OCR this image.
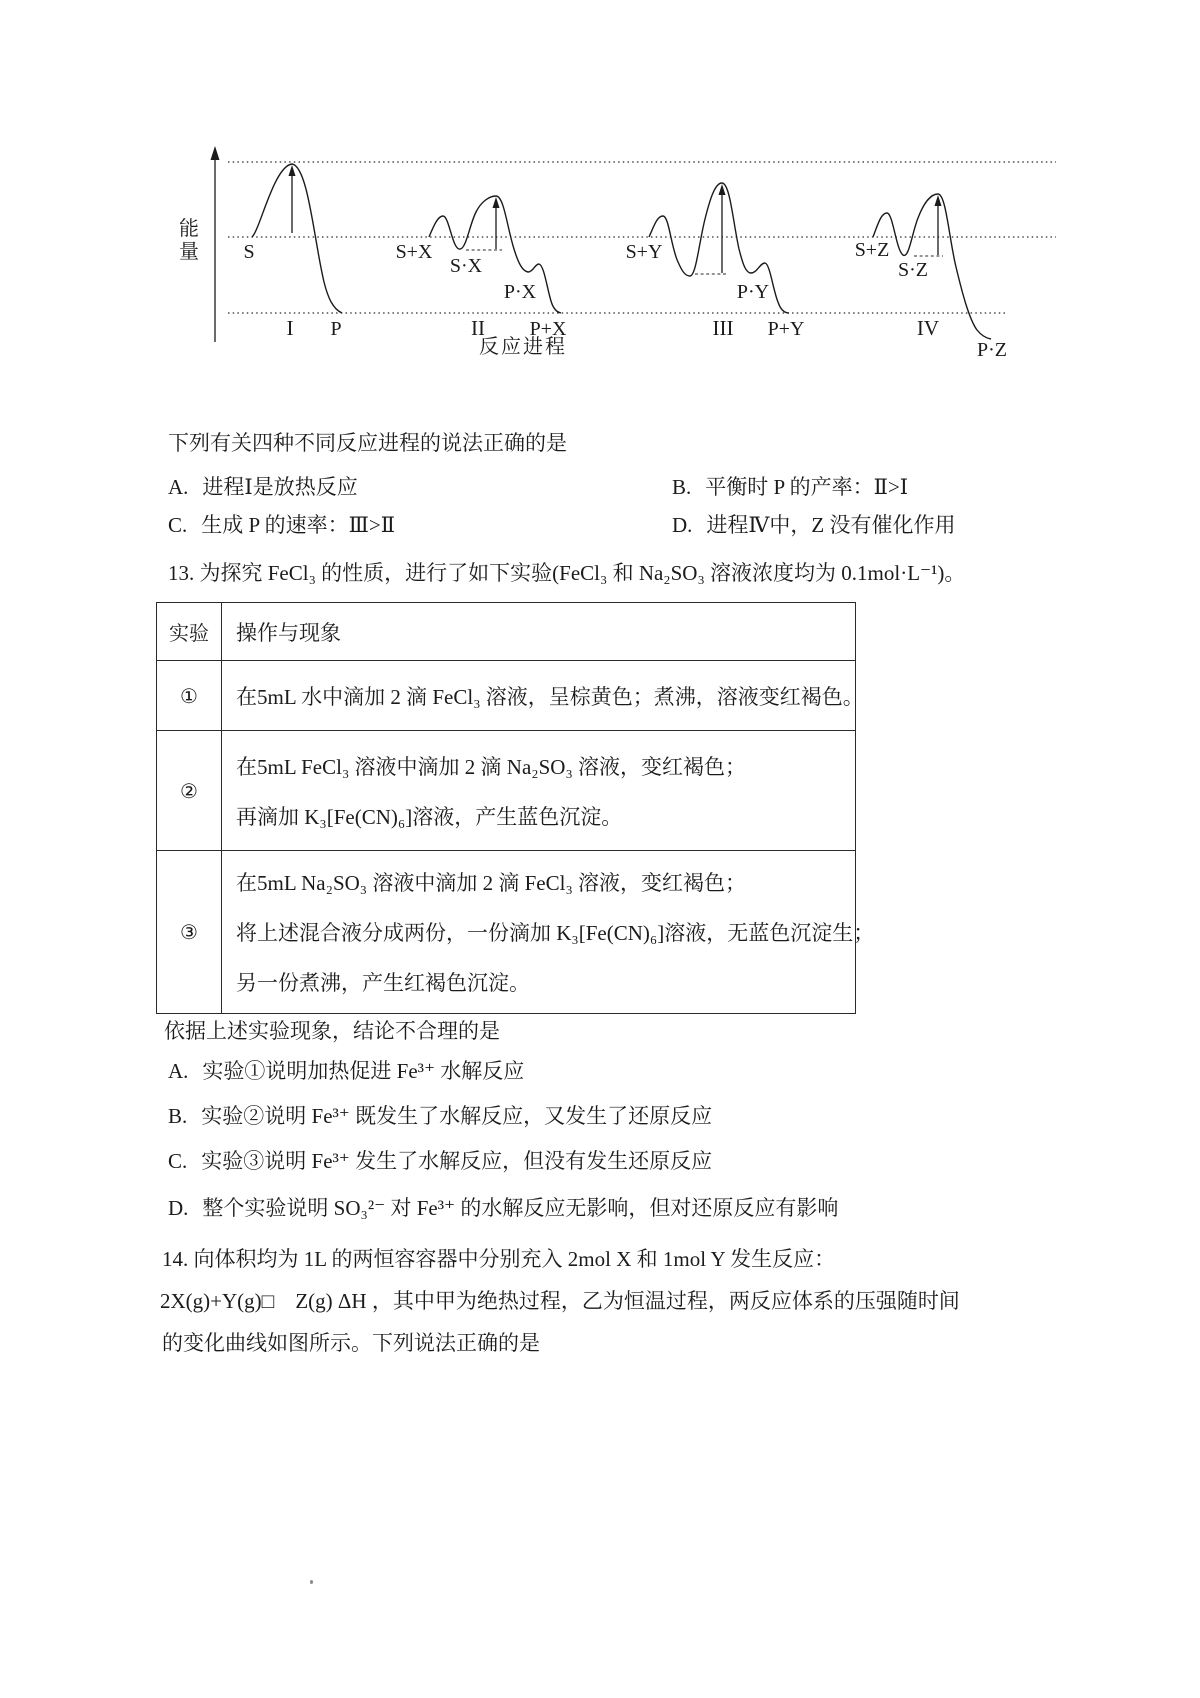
能量 S
I P
S+X
S·X
P·X
II P+X
S+Y
P·Y
III P+Y
S+Z
S·Z
IV
P·Z
反应进程
下列有关四种不同反应进程的说法正确的是
A. 进程Ⅰ是放热反应	B. 平衡时 P 的产率：Ⅱ>Ⅰ
C. 生成 P 的速率：Ⅲ>Ⅱ	D. 进程Ⅳ中，Z 没有催化作用
13. 为探究 FeCl₃ 的性质，进行了如下实验(FeCl₃ 和 Na₂SO₃ 溶液浓度均为 0.1mol·L⁻¹)。
实验	操作与现象
①	在5mL 水中滴加 2 滴 FeCl₃ 溶液，呈棕黄色；煮沸，溶液变红褐色。

②	在5mL FeCl₃ 溶液中滴加 2 滴 Na₂SO₃ 溶液，变红褐色；
再滴加 K₃[Fe(CN)₆]溶液，产生蓝色沉淀。

③	在5mL Na₂SO₃ 溶液中滴加 2 滴 FeCl₃ 溶液，变红褐色；
将上述混合液分成两份，一份滴加 K₃[Fe(CN)₆]溶液，无蓝色沉淀生；
另一份煮沸，产生红褐色沉淀。
依据上述实验现象，结论不合理的是
A. 实验①说明加热促进 Fe³⁺ 水解反应
B. 实验②说明 Fe³⁺ 既发生了水解反应，又发生了还原反应
C. 实验③说明 Fe³⁺ 发生了水解反应，但没有发生还原反应
D. 整个实验说明 SO₃²⁻ 对 Fe³⁺ 的水解反应无影响，但对还原反应有影响
14. 向体积均为 1L 的两恒容容器中分别充入 2mol X 和 1mol Y 发生反应：
2X(g)+Y(g)□　Z(g) ΔH ，其中甲为绝热过程，乙为恒温过程，两反应体系的压强随时间
的变化曲线如图所示。下列说法正确的是
